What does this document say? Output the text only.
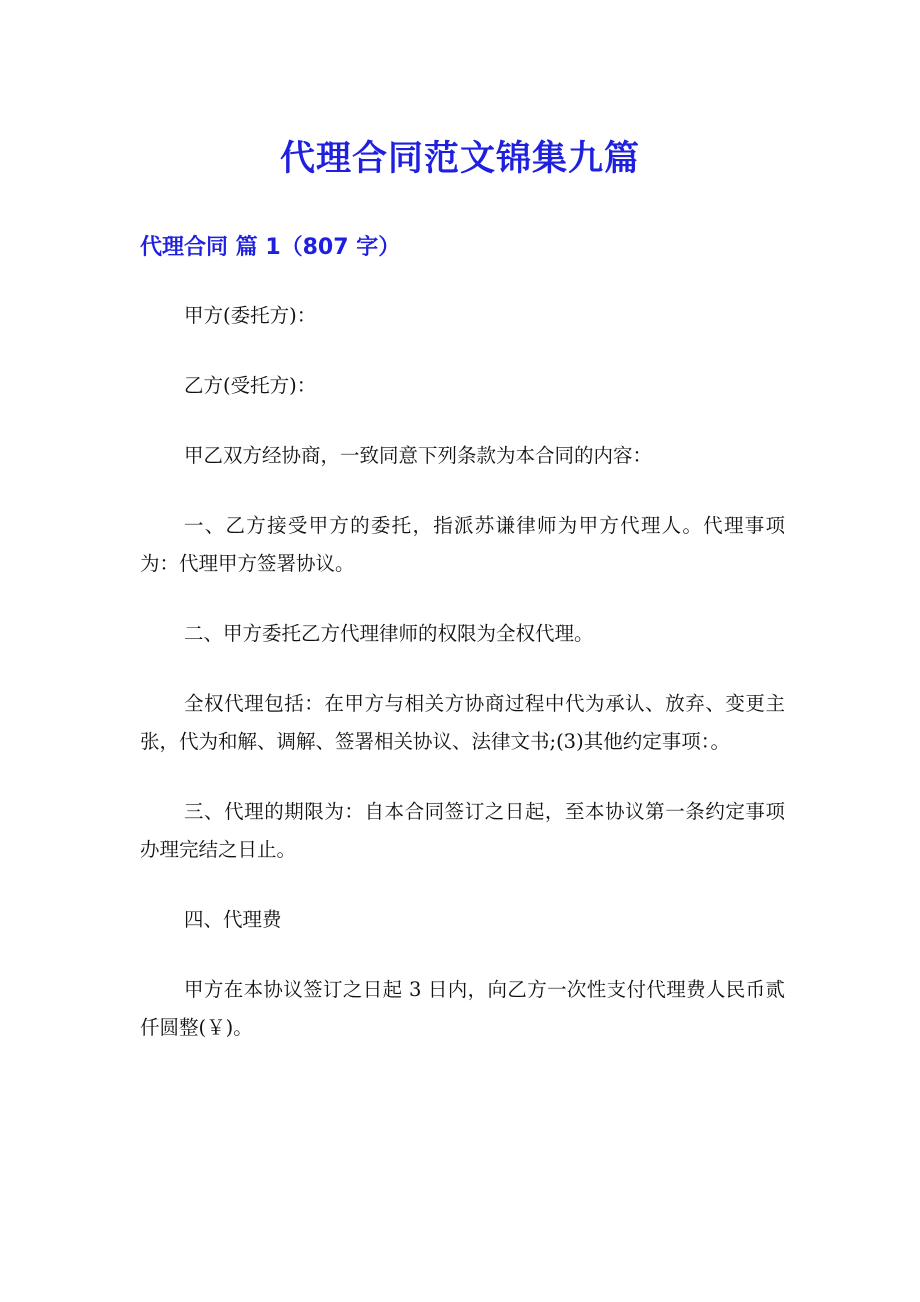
代理合同范文锦集九篇
代理合同 篇 1（807 字）

甲方(委托方)：

乙方(受托方)：

甲乙双方经协商，一致同意下列条款为本合同的内容：

一、乙方接受甲方的委托，指派苏谦律师为甲方代理人。代理事项为：代理甲方签署协议。

二、甲方委托乙方代理律师的权限为全权代理。

全权代理包括：在甲方与相关方协商过程中代为承认、放弃、变更主张，代为和解、调解、签署相关协议、法律文书;(3)其他约定事项：。

三、代理的期限为：自本合同签订之日起，至本协议第一条约定事项办理完结之日止。

四、代理费

甲方在本协议签订之日起 3 日内，向乙方一次性支付代理费人民币贰仟圆整(￥)。
